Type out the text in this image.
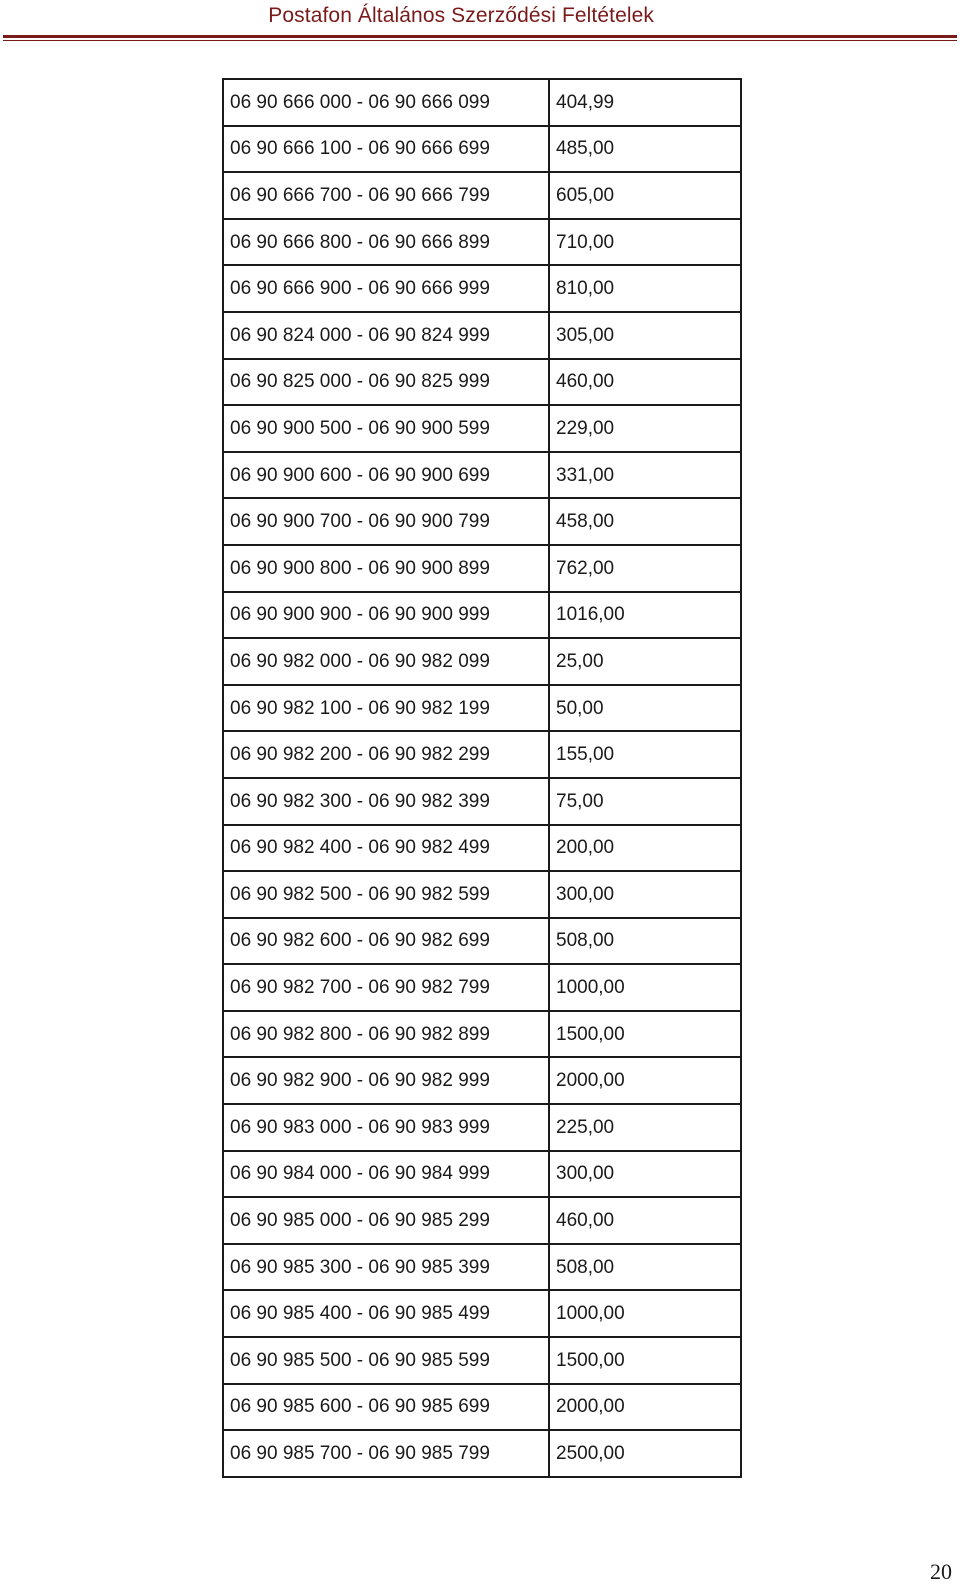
Postafon Általános Szerződési Feltételek
06 90 666 000 - 06 90 666 099	404,99
06 90 666 100 - 06 90 666 699	485,00
06 90 666 700 - 06 90 666 799	605,00
06 90 666 800 - 06 90 666 899	710,00
06 90 666 900 - 06 90 666 999	810,00
06 90 824 000 - 06 90 824 999	305,00
06 90 825 000 - 06 90 825 999	460,00
06 90 900 500 - 06 90 900 599	229,00
06 90 900 600 - 06 90 900 699	331,00
06 90 900 700 - 06 90 900 799	458,00
06 90 900 800 - 06 90 900 899	762,00
06 90 900 900 - 06 90 900 999	1016,00
06 90 982 000 - 06 90 982 099	25,00
06 90 982 100 - 06 90 982 199	50,00
06 90 982 200 - 06 90 982 299	155,00
06 90 982 300 - 06 90 982 399	75,00
06 90 982 400 - 06 90 982 499	200,00
06 90 982 500 - 06 90 982 599	300,00
06 90 982 600 - 06 90 982 699	508,00
06 90 982 700 - 06 90 982 799	1000,00
06 90 982 800 - 06 90 982 899	1500,00
06 90 982 900 - 06 90 982 999	2000,00
06 90 983 000 - 06 90 983 999	225,00
06 90 984 000 - 06 90 984 999	300,00
06 90 985 000 - 06 90 985 299	460,00
06 90 985 300 - 06 90 985 399	508,00
06 90 985 400 - 06 90 985 499	1000,00
06 90 985 500 - 06 90 985 599	1500,00
06 90 985 600 - 06 90 985 699	2000,00
06 90 985 700 - 06 90 985 799	2500,00
20
